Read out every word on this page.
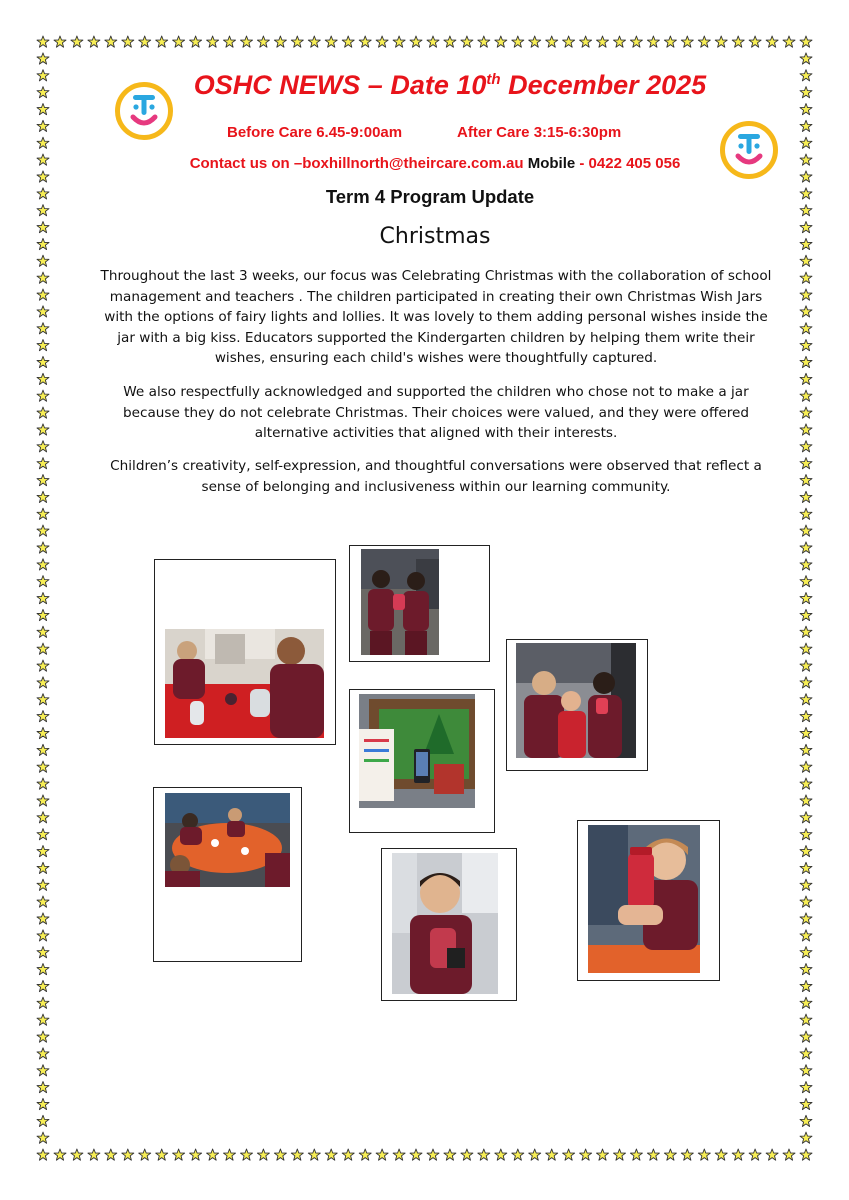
OSHC NEWS – Date 10th December 2025
Before Care 6.45-9:00am	After Care 3:15-6:30pm
Contact us on –boxhillnorth@theircare.com.au Mobile - 0422 405 056
Term 4 Program Update
Christmas

Throughout the last 3 weeks, our focus was Celebrating Christmas with the collaboration of school management and teachers . The children participated in creating their own Christmas Wish Jars with the options of fairy lights and lollies. It was lovely to them adding personal wishes inside the jar with a big kiss. Educators supported the Kindergarten children by helping them write their wishes, ensuring each child's wishes were thoughtfully captured.

We also respectfully acknowledged and supported the children who chose not to make a jar because they do not celebrate Christmas. Their choices were valued, and they were offered alternative activities that aligned with their interests.

Children’s creativity, self-expression, and thoughtful conversations were observed that reflect a sense of belonging and inclusiveness within our learning community.
